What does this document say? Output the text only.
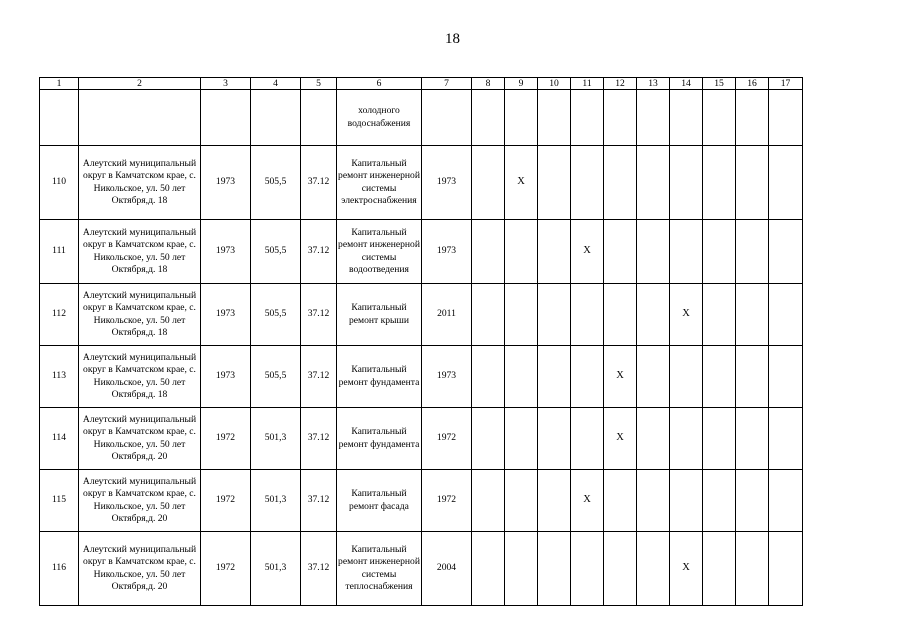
18
1	2	3	4	5	6	7	8	9	10	11	12	13	14	15	16	17
					холодного водоснабжения											
110	Алеутский муниципальный округ в Камчатском крае, с. Никольское, ул. 50 лет Октября,д. 18	1973	505,5	37.12	Капитальный ремонт инженерной системы электроснабжения	1973		X								
111	Алеутский муниципальный округ в Камчатском крае, с. Никольское, ул. 50 лет Октября,д. 18	1973	505,5	37.12	Капитальный ремонт инженерной системы водоотведения	1973				X						
112	Алеутский муниципальный округ в Камчатском крае, с. Никольское, ул. 50 лет Октября,д. 18	1973	505,5	37.12	Капитальный ремонт крыши	2011							X			
113	Алеутский муниципальный округ в Камчатском крае, с. Никольское, ул. 50 лет Октября,д. 18	1973	505,5	37.12	Капитальный ремонт фундамента	1973					X					
114	Алеутский муниципальный округ в Камчатском крае, с. Никольское, ул. 50 лет Октября,д. 20	1972	501,3	37.12	Капитальный ремонт фундамента	1972					X					
115	Алеутский муниципальный округ в Камчатском крае, с. Никольское, ул. 50 лет Октября,д. 20	1972	501,3	37.12	Капитальный ремонт фасада	1972				X						
116	Алеутский муниципальный округ в Камчатском крае, с. Никольское, ул. 50 лет Октября,д. 20	1972	501,3	37.12	Капитальный ремонт инженерной системы теплоснабжения	2004							X			
